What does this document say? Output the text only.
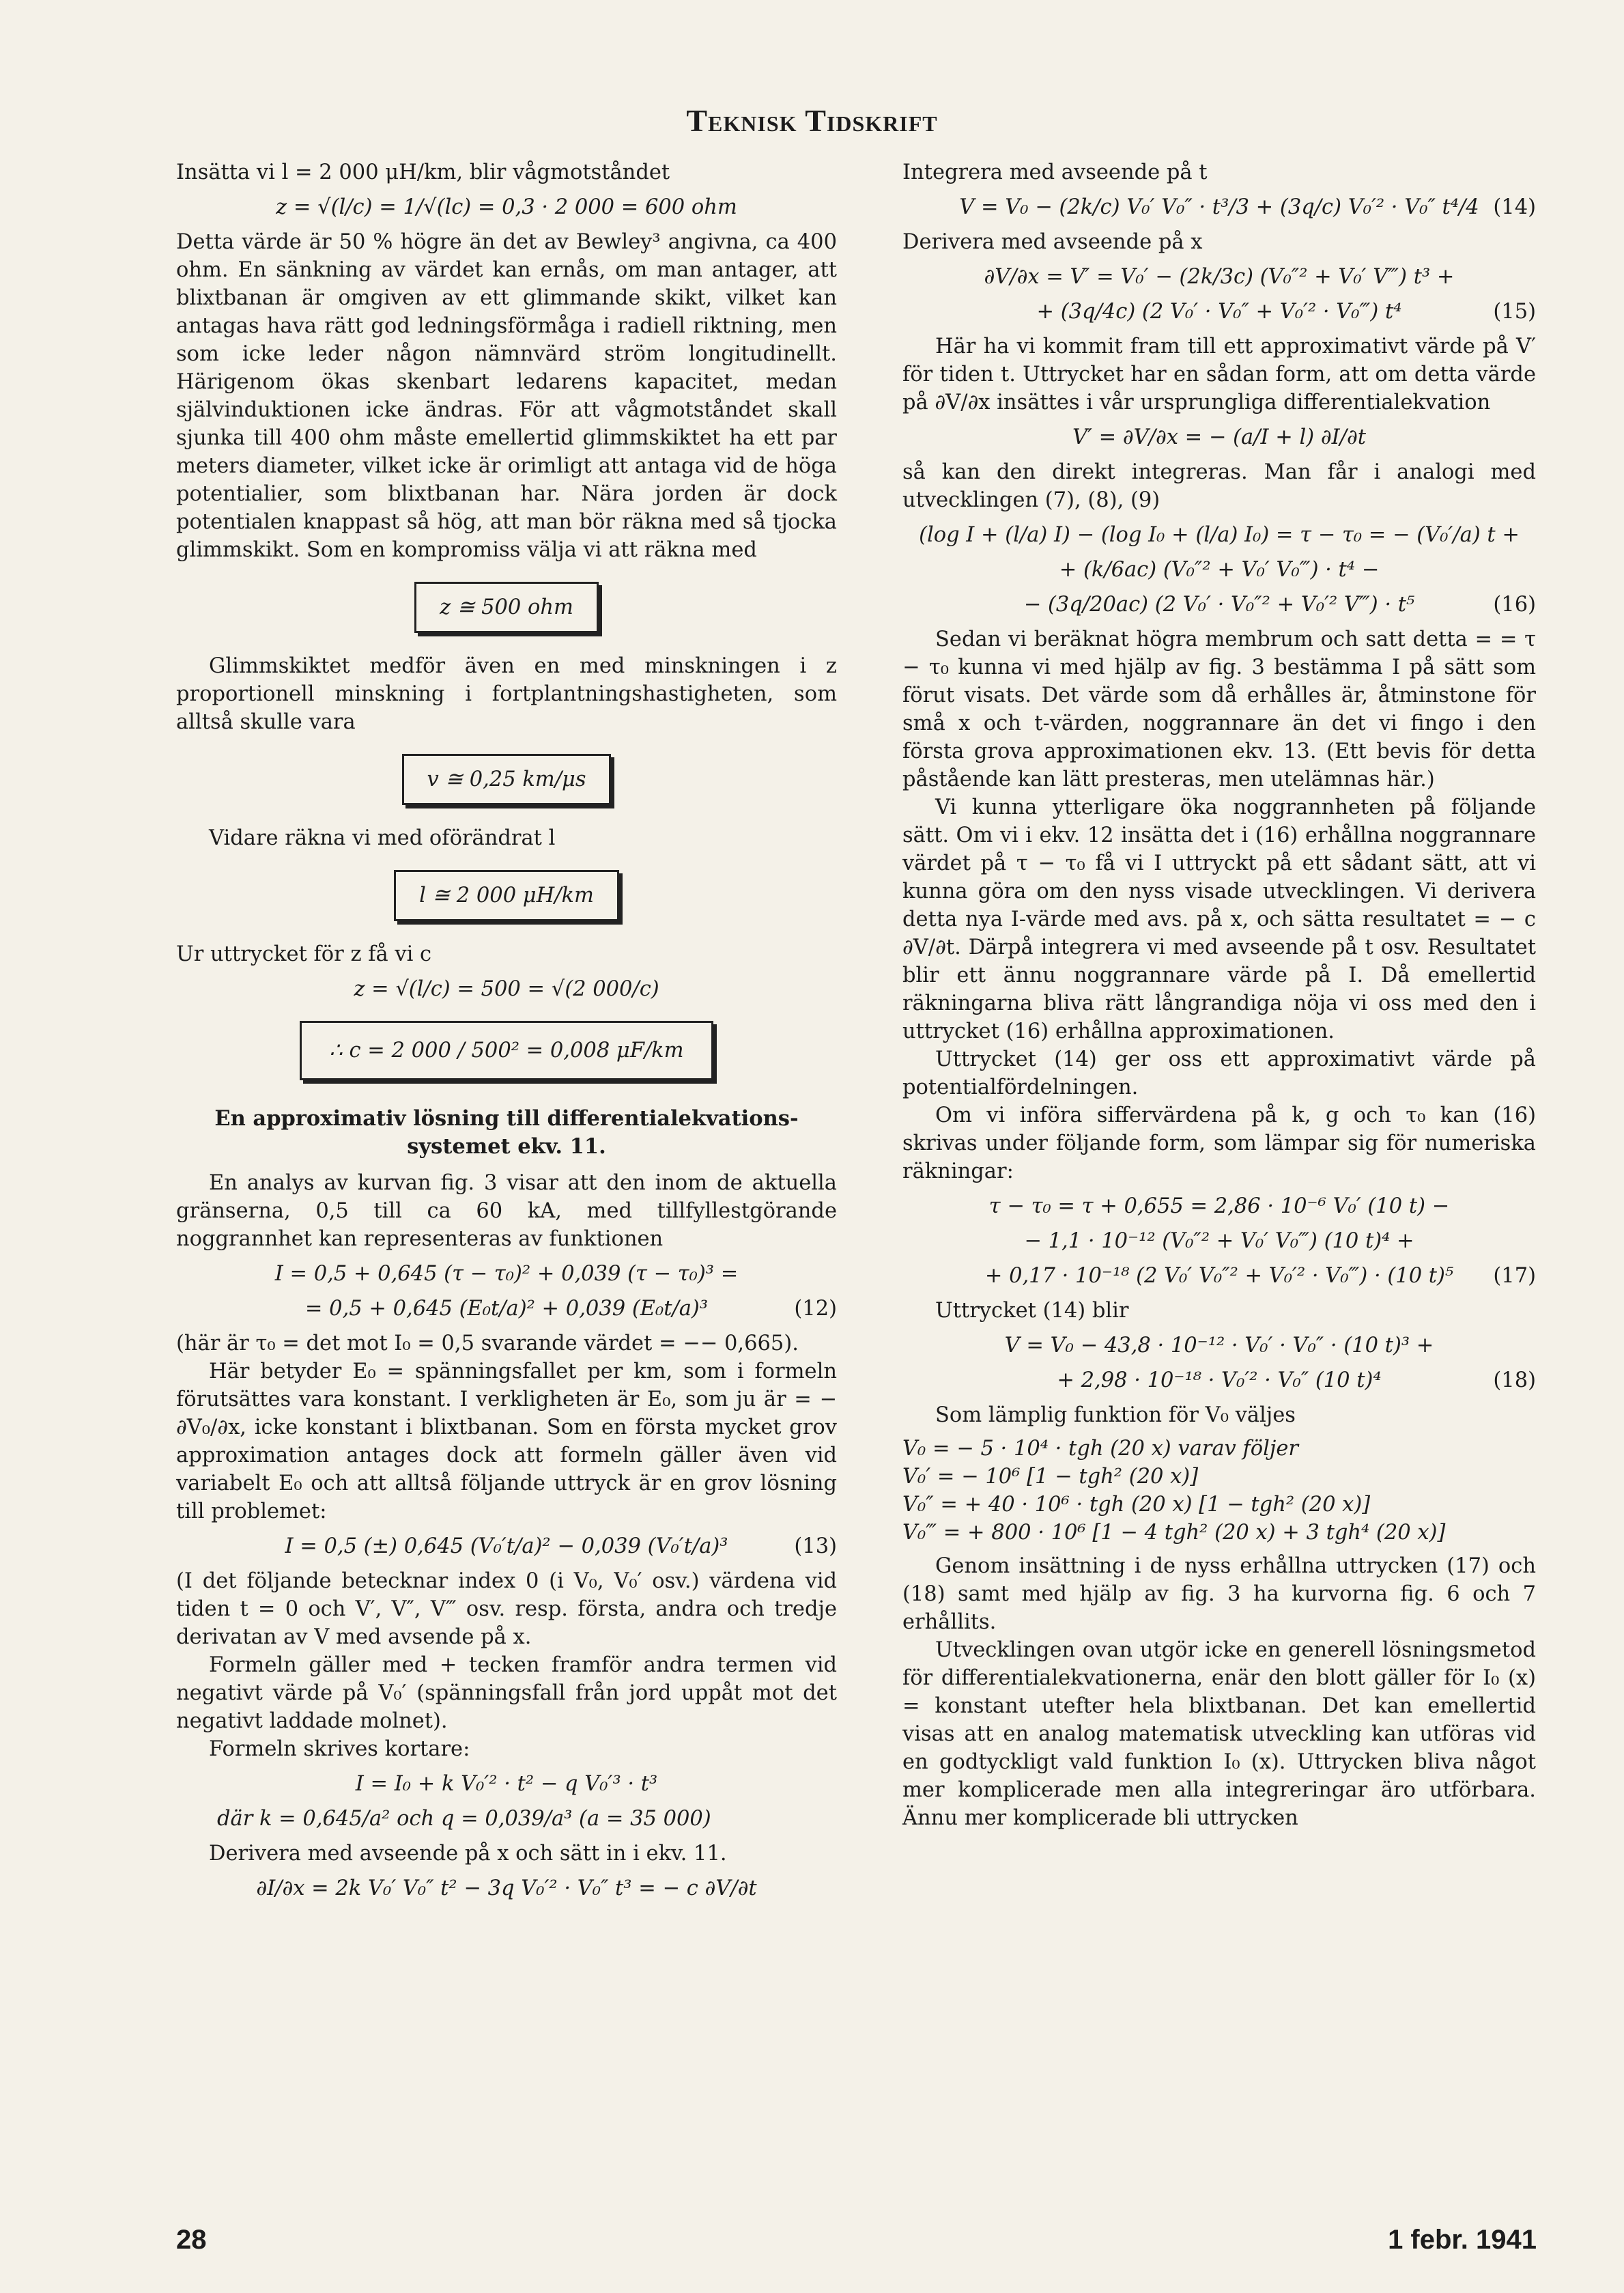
Teknisk Tidskrift

Insätta vi l = 2 000 μH/km, blir vågmotståndet

z = √(l/c) = 1/√(lc) = 0,3 · 2 000 = 600 ohm

Detta värde är 50 % högre än det av Bewley³ angivna, ca 400 ohm. En sänkning av värdet kan ernås, om man antager, att blixtbanan är omgiven av ett glimmande skikt, vilket kan antagas hava rätt god ledningsförmåga i radiell riktning, men som icke leder någon nämnvärd ström longitudinellt. Härigenom ökas skenbart ledarens kapacitet, medan självinduktionen icke ändras. För att vågmotståndet skall sjunka till 400 ohm måste emellertid glimmskiktet ha ett par meters diameter, vilket icke är orimligt att antaga vid de höga potentialier, som blixtbanan har. Nära jorden är dock potentialen knappast så hög, att man bör räkna med så tjocka glimmskikt. Som en kompromiss välja vi att räkna med

z ≅ 500 ohm

Glimmskiktet medför även en med minskningen i z proportionell minskning i fortplantningshastigheten, som alltså skulle vara

v ≅ 0,25 km/μs

Vidare räkna vi med oförändrat l

l ≅ 2 000 μH/km

Ur uttrycket för z få vi c

z = √(l/c) = 500 = √(2 000/c)
∴ c = 2 000 / 500² = 0,008 μF/km
En approximativ lösning till differentialekvations-systemet ekv. 11.

En analys av kurvan fig. 3 visar att den inom de aktuella gränserna, 0,5 till ca 60 kA, med tillfyllestgörande noggrannhet kan representeras av funktionen

I = 0,5 + 0,645 (τ − τ₀)² + 0,039 (τ − τ₀)³ =
= 0,5 + 0,645 (E₀t/a)² + 0,039 (E₀t/a)³	(12)

(här är τ₀ = det mot I₀ = 0,5 svarande värdet = −− 0,665).

Här betyder E₀ = spänningsfallet per km, som i formeln förutsättes vara konstant. I verkligheten är E₀, som ju är = − ∂V₀/∂x, icke konstant i blixtbanan. Som en första mycket grov approximation antages dock att formeln gäller även vid variabelt E₀ och att alltså följande uttryck är en grov lösning till problemet:

I = 0,5 (±) 0,645 (V₀′t/a)² − 0,039 (V₀′t/a)³	(13)

(I det följande betecknar index 0 (i V₀, V₀′ osv.) värdena vid tiden t = 0 och V′, V″, V‴ osv. resp. första, andra och tredje derivatan av V med avsende på x.

Formeln gäller med + tecken framför andra termen vid negativt värde på V₀′ (spänningsfall från jord uppåt mot det negativt laddade molnet).

Formeln skrives kortare:

I = I₀ + k V₀′² · t² − q V₀′³ · t³
där k = 0,645/a² och q = 0,039/a³ (a = 35 000)

Derivera med avseende på x och sätt in i ekv. 11.

∂I/∂x = 2k V₀′ V₀″ t² − 3q V₀′² · V₀″ t³ = − c ∂V/∂t

Integrera med avseende på t

V = V₀ − (2k/c) V₀′ V₀″ · t³/3 + (3q/c) V₀′² · V₀″ t⁴/4 (14)

Derivera med avseende på x

∂V/∂x = V′ = V₀′ − (2k/3c) (V₀″² + V₀′ V‴) t³ +
+ (3q/4c) (2 V₀′ · V₀″ + V₀′² · V₀‴) t⁴	(15)

Här ha vi kommit fram till ett approximativt värde på V′ för tiden t. Uttrycket har en sådan form, att om detta värde på ∂V/∂x insättes i vår ursprungliga differentialekvation

V′ = ∂V/∂x = − (a/I + l) ∂I/∂t

så kan den direkt integreras. Man får i analogi med utvecklingen (7), (8), (9)

(log I + (l/a) I) − (log I₀ + (l/a) I₀) = τ − τ₀ = − (V₀′/a) t +
+ (k/6ac) (V₀″² + V₀′ V₀‴) · t⁴ −
− (3q/20ac) (2 V₀′ · V₀″² + V₀′² V‴) · t⁵	(16)

Sedan vi beräknat högra membrum och satt detta = = τ − τ₀ kunna vi med hjälp av fig. 3 bestämma I på sätt som förut visats. Det värde som då erhålles är, åtminstone för små x och t-värden, noggrannare än det vi fingo i den första grova approximationen ekv. 13. (Ett bevis för detta påstående kan lätt presteras, men utelämnas här.)

Vi kunna ytterligare öka noggrannheten på följande sätt. Om vi i ekv. 12 insätta det i (16) erhållna noggrannare värdet på τ − τ₀ få vi I uttryckt på ett sådant sätt, att vi kunna göra om den nyss visade utvecklingen. Vi derivera detta nya I-värde med avs. på x, och sätta resultatet = − c ∂V/∂t. Därpå integrera vi med avseende på t osv. Resultatet blir ett ännu noggrannare värde på I. Då emellertid räkningarna bliva rätt långrandiga nöja vi oss med den i uttrycket (16) erhållna approximationen.

Uttrycket (14) ger oss ett approximativt värde på potentialfördelningen.

Om vi införa siffervärdena på k, g och τ₀ kan (16) skrivas under följande form, som lämpar sig för numeriska räkningar:

τ − τ₀ = τ + 0,655 = 2,86 · 10⁻⁶ V₀′ (10 t) −
− 1,1 · 10⁻¹² (V₀″² + V₀′ V₀‴) (10 t)⁴ +
+ 0,17 · 10⁻¹⁸ (2 V₀′ V₀″² + V₀′² · V₀‴) · (10 t)⁵ (17)

Uttrycket (14) blir

V = V₀ − 43,8 · 10⁻¹² · V₀′ · V₀″ · (10 t)³ +
+ 2,98 · 10⁻¹⁸ · V₀′² · V₀″ (10 t)⁴	(18)

Som lämplig funktion för V₀ väljes

V₀ = − 5 · 10⁴ · tgh (20 x) varav följer
V₀′ = − 10⁶ [1 − tgh² (20 x)]
V₀″ = + 40 · 10⁶ · tgh (20 x) [1 − tgh² (20 x)]
V₀‴ = + 800 · 10⁶ [1 − 4 tgh² (20 x) + 3 tgh⁴ (20 x)]

Genom insättning i de nyss erhållna uttrycken (17) och (18) samt med hjälp av fig. 3 ha kurvorna fig. 6 och 7 erhållits.

Utvecklingen ovan utgör icke en generell lösningsmetod för differentialekvationerna, enär den blott gäller för I₀ (x) = konstant utefter hela blixtbanan. Det kan emellertid visas att en analog matematisk utveckling kan utföras vid en godtyckligt vald funktion I₀ (x). Uttrycken bliva något mer komplicerade men alla integreringar äro utförbara. Ännu mer komplicerade bli uttrycken

28	1 febr. 1941
